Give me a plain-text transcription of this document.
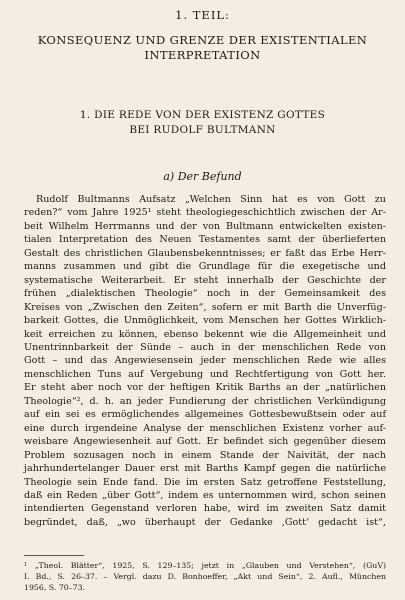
1. TEIL:
KONSEQUENZ UND GRENZE DER EXISTENTIALEN
INTERPRETATION
1. DIE REDE VON DER EXISTENZ GOTTES
BEI RUDOLF BULTMANN
a) Der Befund
Rudolf Bultmanns Aufsatz „Welchen Sinn hat es von Gott zu
reden?“ vom Jahre 1925¹ steht theologiegeschichtlich zwischen der Ar-
beit Wilhelm Herrmanns und der von Bultmann entwickelten existen-
tialen Interpretation des Neuen Testamentes samt der überlieferten
Gestalt des christlichen Glaubensbekenntnisses; er faßt das Erbe Herr-
manns zusammen und gibt die Grundlage für die exegetische und
systematische Weiterarbeit. Er steht innerhalb der Geschichte der
frühen „dialektischen Theologie“ noch in der Gemeinsamkeit des
Kreises von „Zwischen den Zeiten“, sofern er mit Barth die Unverfüg-
barkeit Gottes, die Unmöglichkeit, vom Menschen her Gottes Wirklich-
keit erreichen zu können, ebenso bekennt wie die Allgemeinheit und
Unentrinnbarkeit der Sünde – auch in der menschlichen Rede von
Gott – und das Angewiesensein jeder menschlichen Rede wie alles
menschlichen Tuns auf Vergebung und Rechtfertigung von Gott her.
Er steht aber noch vor der heftigen Kritik Barths an der „natürlichen
Theologie“², d. h. an jeder Fundierung der christlichen Verkündigung
auf ein sei es ermöglichendes allgemeines Gottesbewußtsein oder auf
eine durch irgendeine Analyse der menschlichen Existenz vorher auf-
weisbare Angewiesenheit auf Gott. Er befindet sich gegenüber diesem
Problem sozusagen noch in einem Stande der Naivität, der nach
jahrhundertelanger Dauer erst mit Barths Kampf gegen die natürliche
Theologie sein Ende fand. Die im ersten Satz getroffene Feststellung,
daß ein Reden „über Gott“, indem es unternommen wird, schon seinen
intendierten Gegenstand verloren habe, wird im zweiten Satz damit
begründet, daß, „wo überhaupt der Gedanke ‚Gott‘ gedacht ist“,
¹ „Theol. Blätter“, 1925, S. 129–135; jetzt in „Glauben und Verstehen“, (GuV)
I. Bd., S. 26–37. – Vergl. dazu D. Bonhoeffer, „Akt und Sein“, 2. Aufl., München
1956, S. 70–73.
